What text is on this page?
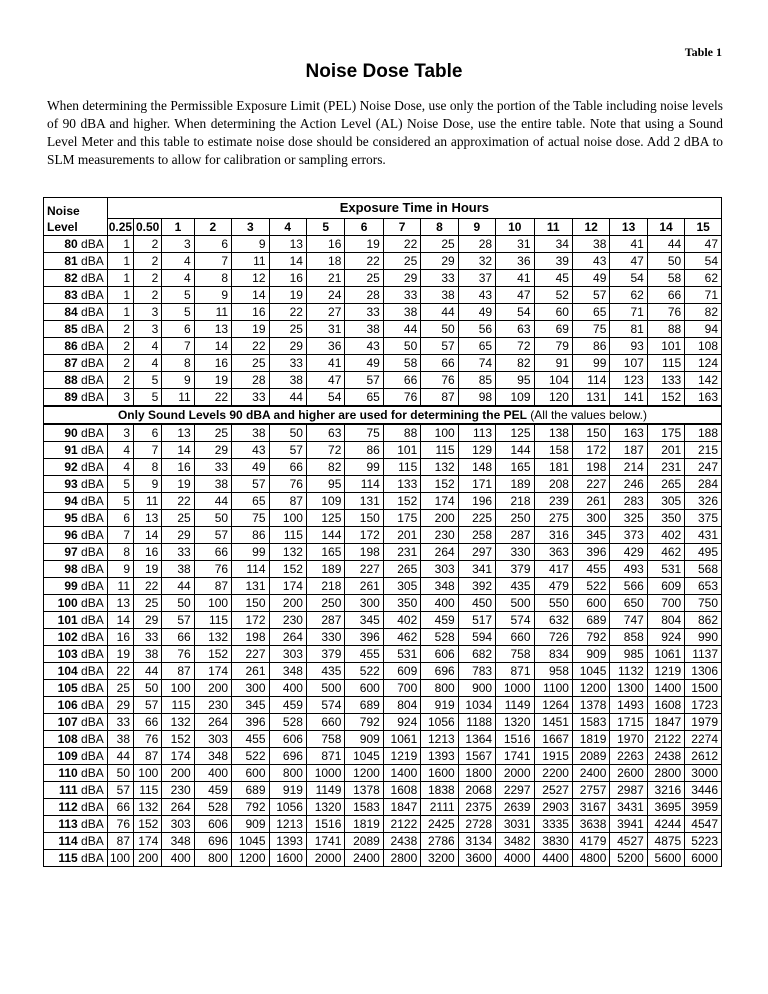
Table 1
Noise Dose Table

When determining the Permissible Exposure Limit (PEL) Noise Dose, use only the portion of the Table including noise levels of 90 dBA and higher. When determining the Action Level (AL) Noise Dose, use the entire table. Note that using a Sound Level Meter and this table to estimate noise dose should be considered an approximation of actual noise dose. Add 2 dBA to SLM measurements to allow for calibration or sampling errors.

Noise	Exposure Time in Hours																
Level	0.25	0.50	1	2	3	4	5	6	7	8	9	10	11	12	13	14	15
80 dBA	1	2	3	6	9	13	16	19	22	25	28	31	34	38	41	44	47
81 dBA	1	2	4	7	11	14	18	22	25	29	32	36	39	43	47	50	54
82 dBA	1	2	4	8	12	16	21	25	29	33	37	41	45	49	54	58	62
83 dBA	1	2	5	9	14	19	24	28	33	38	43	47	52	57	62	66	71
84 dBA	1	3	5	11	16	22	27	33	38	44	49	54	60	65	71	76	82
85 dBA	2	3	6	13	19	25	31	38	44	50	56	63	69	75	81	88	94
86 dBA	2	4	7	14	22	29	36	43	50	57	65	72	79	86	93	101	108
87 dBA	2	4	8	16	25	33	41	49	58	66	74	82	91	99	107	115	124
88 dBA	2	5	9	19	28	38	47	57	66	76	85	95	104	114	123	133	142
89 dBA	3	5	11	22	33	44	54	65	76	87	98	109	120	131	141	152	163
Only Sound Levels 90 dBA and higher are used for determining the PEL (All the values below.)																	
90 dBA	3	6	13	25	38	50	63	75	88	100	113	125	138	150	163	175	188
91 dBA	4	7	14	29	43	57	72	86	101	115	129	144	158	172	187	201	215
92 dBA	4	8	16	33	49	66	82	99	115	132	148	165	181	198	214	231	247
93 dBA	5	9	19	38	57	76	95	114	133	152	171	189	208	227	246	265	284
94 dBA	5	11	22	44	65	87	109	131	152	174	196	218	239	261	283	305	326
95 dBA	6	13	25	50	75	100	125	150	175	200	225	250	275	300	325	350	375
96 dBA	7	14	29	57	86	115	144	172	201	230	258	287	316	345	373	402	431
97 dBA	8	16	33	66	99	132	165	198	231	264	297	330	363	396	429	462	495
98 dBA	9	19	38	76	114	152	189	227	265	303	341	379	417	455	493	531	568
99 dBA	11	22	44	87	131	174	218	261	305	348	392	435	479	522	566	609	653
100 dBA	13	25	50	100	150	200	250	300	350	400	450	500	550	600	650	700	750
101 dBA	14	29	57	115	172	230	287	345	402	459	517	574	632	689	747	804	862
102 dBA	16	33	66	132	198	264	330	396	462	528	594	660	726	792	858	924	990
103 dBA	19	38	76	152	227	303	379	455	531	606	682	758	834	909	985	1061	1137
104 dBA	22	44	87	174	261	348	435	522	609	696	783	871	958	1045	1132	1219	1306
105 dBA	25	50	100	200	300	400	500	600	700	800	900	1000	1100	1200	1300	1400	1500
106 dBA	29	57	115	230	345	459	574	689	804	919	1034	1149	1264	1378	1493	1608	1723
107 dBA	33	66	132	264	396	528	660	792	924	1056	1188	1320	1451	1583	1715	1847	1979
108 dBA	38	76	152	303	455	606	758	909	1061	1213	1364	1516	1667	1819	1970	2122	2274
109 dBA	44	87	174	348	522	696	871	1045	1219	1393	1567	1741	1915	2089	2263	2438	2612
110 dBA	50	100	200	400	600	800	1000	1200	1400	1600	1800	2000	2200	2400	2600	2800	3000
111 dBA	57	115	230	459	689	919	1149	1378	1608	1838	2068	2297	2527	2757	2987	3216	3446
112 dBA	66	132	264	528	792	1056	1320	1583	1847	2111	2375	2639	2903	3167	3431	3695	3959
113 dBA	76	152	303	606	909	1213	1516	1819	2122	2425	2728	3031	3335	3638	3941	4244	4547
114 dBA	87	174	348	696	1045	1393	1741	2089	2438	2786	3134	3482	3830	4179	4527	4875	5223
115 dBA	100	200	400	800	1200	1600	2000	2400	2800	3200	3600	4000	4400	4800	5200	5600	6000
